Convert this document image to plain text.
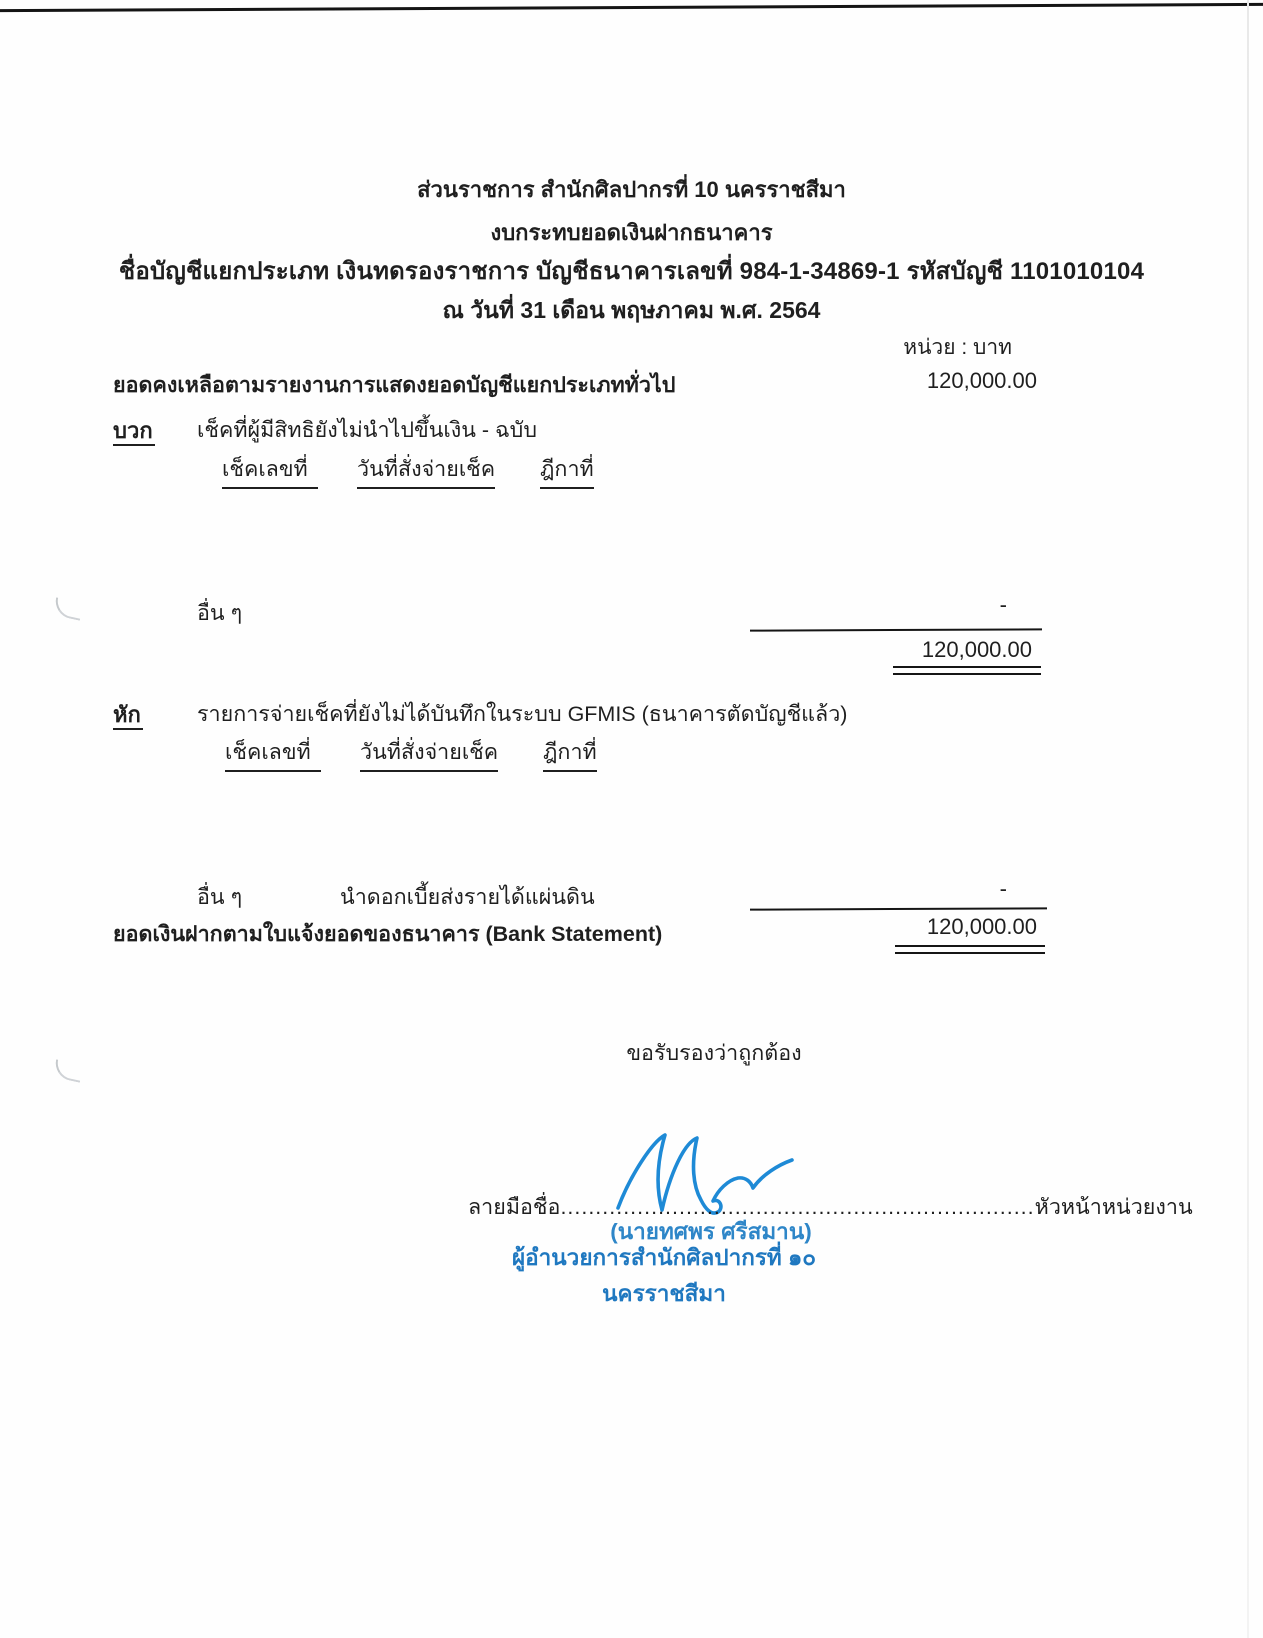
ส่วนราชการ สำนักศิลปากรที่ 10 นครราชสีมา
งบกระทบยอดเงินฝากธนาคาร
ชื่อบัญชีแยกประเภท เงินทดรองราชการ บัญชีธนาคารเลขที่ 984-1-34869-1 รหัสบัญชี 1101010104
ณ วันที่ 31 เดือน พฤษภาคม พ.ศ. 2564
หน่วย : บาท
ยอดคงเหลือตามรายงานการแสดงยอดบัญชีแยกประเภททั่วไป	120,000.00
บวก เช็คที่ผู้มีสิทธิยังไม่นำไปขึ้นเงิน - ฉบับ
เช็คเลขที่	วันที่สั่งจ่ายเช็ค ฎีกาที่
อื่น ๆ	-
120,000.00
หัก	รายการจ่ายเช็คที่ยังไม่ได้บันทึกในระบบ GFMIS (ธนาคารตัดบัญชีแล้ว)
เช็คเลขที่	วันที่สั่งจ่ายเช็ค ฎีกาที่
อื่น ๆ	นำดอกเบี้ยส่งรายได้แผ่นดิน	-
ยอดเงินฝากตามใบแจ้งยอดของธนาคาร (Bank Statement)	120,000.00
ขอรับรองว่าถูกต้อง
ลายมือชื่อ....................................................................หัวหน้าหน่วยงาน
(นายทศพร ศรีสมาน)
ผู้อำนวยการสำนักศิลปากรที่ ๑๐ นครราชสีมา
